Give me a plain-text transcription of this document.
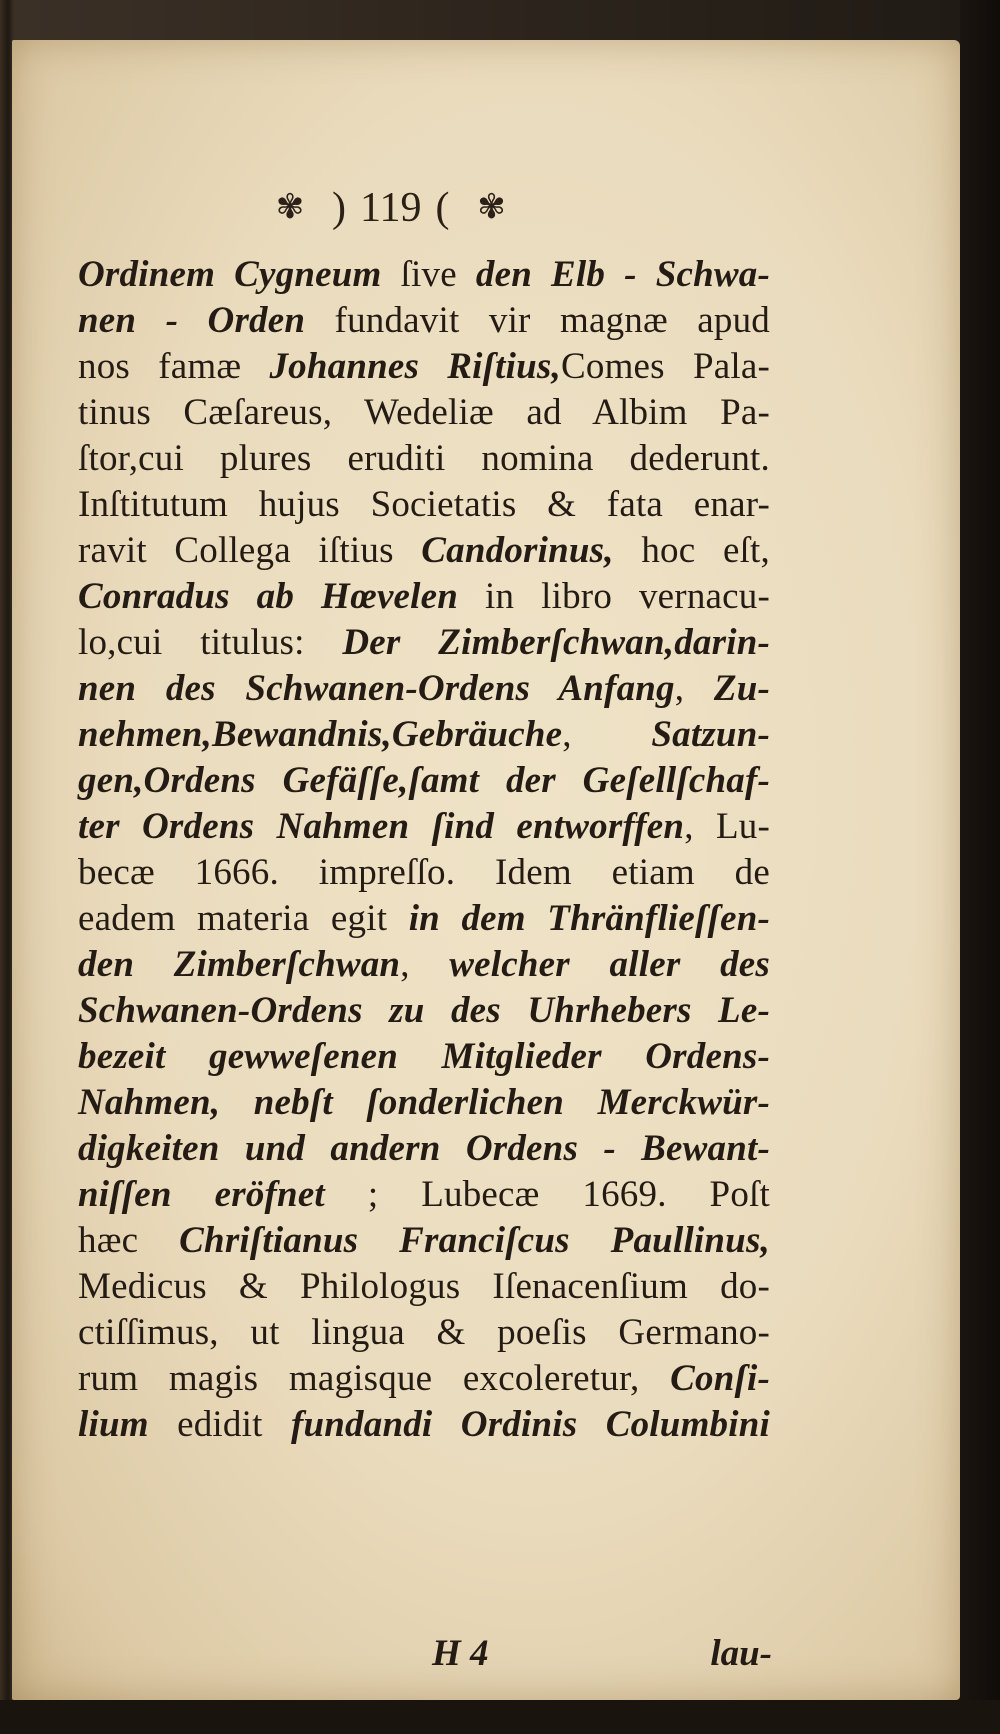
✾ ) 119 ( ✾
Ordinem Cygneum ſive den Elb - Schwa-
nen - Orden fundavit vir magnæ apud
nos famæ Johannes Riſtius,Comes Pala-
tinus Cæſareus, Wedeliæ ad Albim Pa-
ſtor,cui plures eruditi nomina dederunt.
Inſtitutum hujus Societatis & fata enar-
ravit Collega iſtius Candorinus, hoc eſt,
Conradus ab Hœvelen in libro vernacu-
lo,cui titulus: Der Zimberſchwan,darin-
nen des Schwanen-Ordens Anfang, Zu-
nehmen,Bewandnis,Gebräuche, Satzun-
gen,Ordens Gefäſſe,ſamt der Geſellſchaf-
ter Ordens Nahmen ſind entworffen, Lu-
becæ 1666. impreſſo. Idem etiam de
eadem materia egit in dem Thränflieſſen-
den Zimberſchwan, welcher aller des
Schwanen-Ordens zu des Uhrhebers Le-
bezeit gewweſenen Mitglieder Ordens-
Nahmen, nebſt ſonderlichen Merckwür-
digkeiten und andern Ordens - Bewant-
niſſen eröfnet ; Lubecæ 1669. Poſt
hæc Chriſtianus Franciſcus Paullinus,
Medicus & Philologus Iſenacenſium do-
ctiſſimus, ut lingua & poeſis Germano-
rum magis magisque excoleretur, Conſi-
lium edidit fundandi Ordinis Columbini
H 4	lau-
